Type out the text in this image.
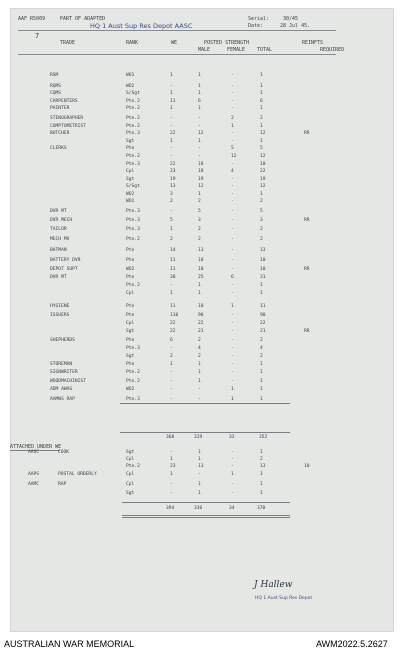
AAF R5009	PART OF ADAPTED
HQ 1 Aust Sup Res Depot AASC
Serial:	30/45
Date:	28 Jul 45.
7
TRADE	RANK	WE	POSTED STRENGTH
MALE	FEMALE TOTAL
REINFTS
REQUIRED
RSM	WO1	1	1	-	1
RQMS	WO2	-	1	-	1
CQMS	S/Sgt	1	1	-	1
CARPENTERS	Pte.2	11	6	-	6
PAINTER	Pte.2	1	1	-	1
STENOGRAPHER	Pte.2	-	-	2	2
COMPTOMETRIST	Pte.2	-	-	1	1
BUTCHER	Pte.3	22	12	-	12	RR
Sgt	1	1	-	1
CLERKS	Pte	-	-	5	5
Pte.2	-	-	12	12
Pte.3	22	18	-	18
Cpl	23	18	4	22
Sgt	19	19	-	19
S/Sgt	13	12	-	12
WO2	3	1	-	1
WO1	2	2	-	2
DVR MT	Pte.3	-	5	-	5
DVR MECH	Pte.3	5	3	-	3	RR
TAILOR	Pte.3	1	2	-	2
MECH MV	Pte.2	2	2	-	2
BATMAN	Pte	14	13	-	13
BATTERY DVR	Pte	11	10	-	10
DEPOT SUPT	WO2	11	10	-	10	RR
DVR MT	Pte	30	25	6	31
Pte.2	-	1	-	1
Cpl	1	1	-	1
HYGIENE	Pte	11	10	1	11
ISSUERS	Pte	110	90	-	90
Cpl	22	22	-	22
Sgt	22	21	-	21	RR
SHEPHERDS	Pte	6	2	-	2
Pte.3	-	4	-	4
Sgt	2	2	-	2
STOREMAN	Pte	1	1	-	1
SIGNWRITER	Pte.2	-	1	-	1
WOODMACHINIST	Pte.2	-	1	-	1
ADM AWAS	WO2	-	-	1	1
AAMWS RAP	Pte.3	-	-	1	1
368	319	33	352
ATTACHED UNDER WE
AASC	COOK	Sgt	-	1	-	1
Cpl	1	1	-	2
Pte.2	23	13	-	13	10
AAPS	POSTAL ORDERLY	Cpl	1	-	1	1
AAMC	RAP	Cpl	-	1	-	1
Sgt	-	1	-	1
394	336	34	370
J Hallew
HQ 1 Aust Sup Res Depot
AUSTRALIAN WAR MEMORIAL	AWM2022.5.2627
